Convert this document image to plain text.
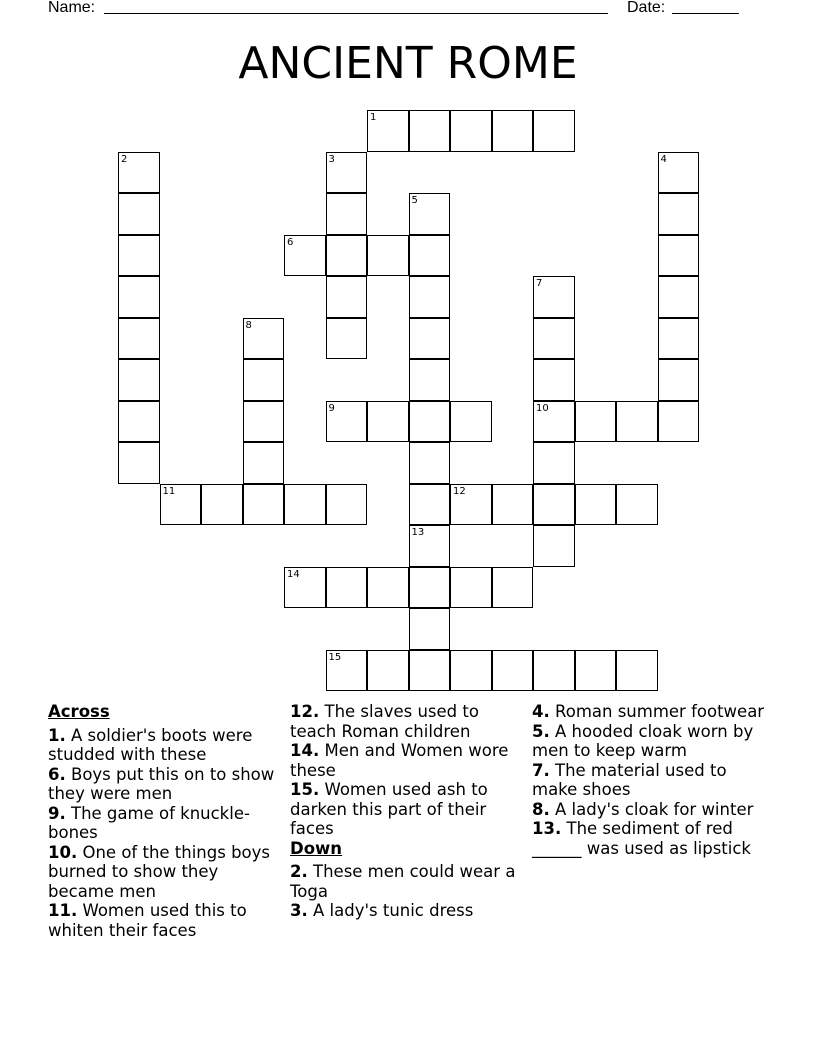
Name:	Date:
ANCIENT ROME
1
2	3	4
5
6
7
10
8
9
11	12
13
14
15
Across
1. A soldier's boots were studded with these
6. Boys put this on to show they were men
9. The game of knuckle-bones
10. One of the things boys burned to show they became men
11. Women used this to whiten their faces
12. The slaves used to teach Roman children
14. Men and Women wore these
15. Women used ash to darken this part of their faces
Down
2. These men could wear a Toga
3. A lady's tunic dress
4. Roman summer footwear
5. A hooded cloak worn by men to keep warm
7. The material used to make shoes
8. A lady's cloak for winter
13. The sediment of red ______ was used as lipstick
